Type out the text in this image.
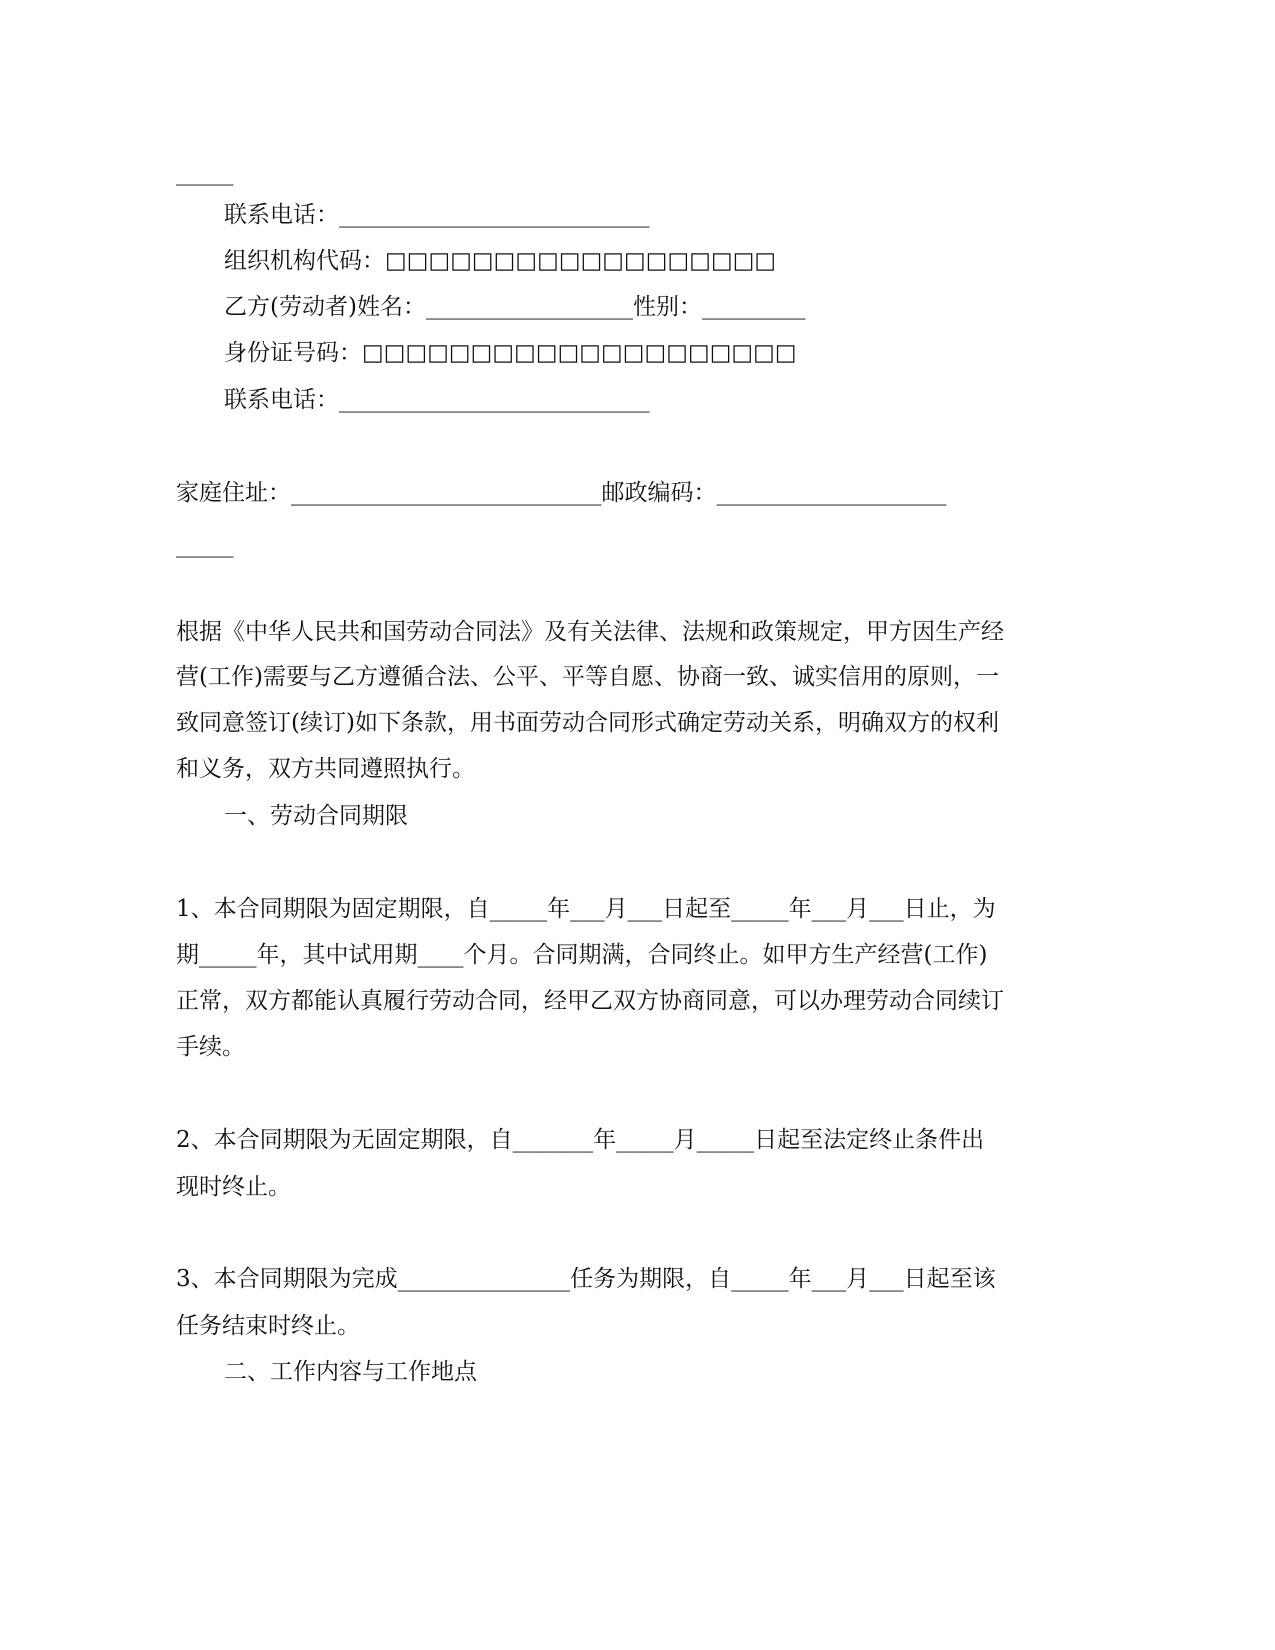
_____

联系电话：___________________________

组织机构代码：□□□□□□□□□□□□□□□□□□

乙方(劳动者)姓名：__________________性别：_________

身份证号码：□□□□□□□□□□□□□□□□□□□□

联系电话：___________________________

家庭住址：___________________________邮政编码：____________________

_____

根据《中华人民共和国劳动合同法》及有关法律、法规和政策规定，甲方因生产经

营(工作)需要与乙方遵循合法、公平、平等自愿、协商一致、诚实信用的原则，一

致同意签订(续订)如下条款，用书面劳动合同形式确定劳动关系，明确双方的权利

和义务，双方共同遵照执行。

一、劳动合同期限

1、本合同期限为固定期限，自_____年___月___日起至_____年___月___日止，为

期_____年，其中试用期____个月。合同期满，合同终止。如甲方生产经营(工作)

正常，双方都能认真履行劳动合同，经甲乙双方协商同意，可以办理劳动合同续订

手续。

2、本合同期限为无固定期限，自_______年_____月_____日起至法定终止条件出

现时终止。

3、本合同期限为完成_______________任务为期限，自_____年___月___日起至该

任务结束时终止。

二、工作内容与工作地点
